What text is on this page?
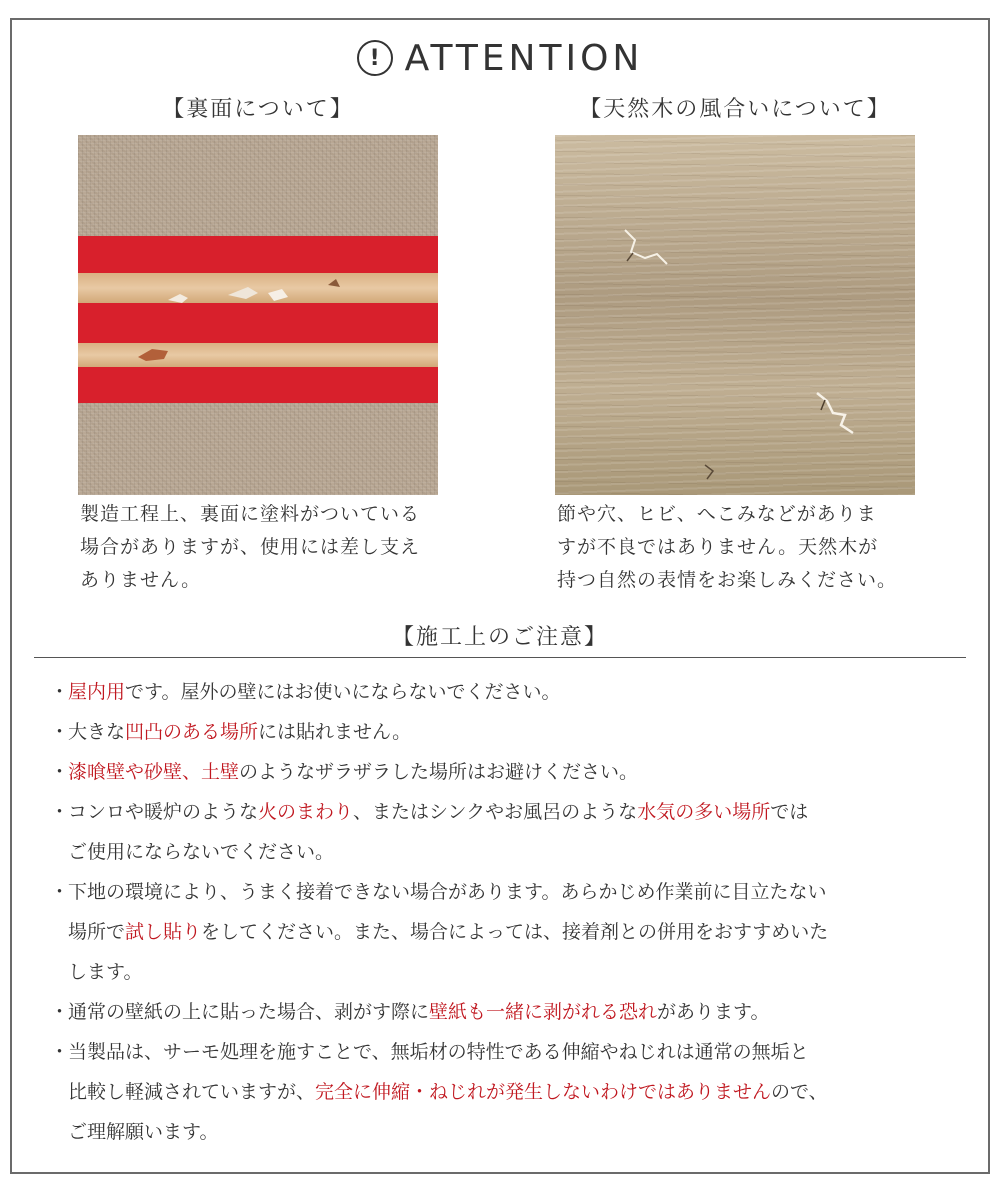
! ATTENTION
【裏面について】
製造工程上、裏面に塗料がついている
場合がありますが、使用には差し支え
ありません。
【天然木の風合いについて】
節や穴、ヒビ、へこみなどがありま
すが不良ではありません。天然木が
持つ自然の表情をお楽しみください。
【施工上のご注意】
・
屋内用です。屋外の壁にはお使いにならないでください。
・
大きな凹凸のある場所には貼れません。
・
漆喰壁や砂壁、土壁のようなザラザラした場所はお避けください。
・
コンロや暖炉のような火のまわり、またはシンクやお風呂のような水気の多い場所では
ご使用にならないでください。
・
下地の環境により、うまく接着できない場合があります。あらかじめ作業前に目立たない
場所で試し貼りをしてください。また、場合によっては、接着剤との併用をおすすめいた
します。
・
通常の壁紙の上に貼った場合、剥がす際に壁紙も一緒に剥がれる恐れがあります。
・
当製品は、サーモ処理を施すことで、無垢材の特性である伸縮やねじれは通常の無垢と
比較し軽減されていますが、完全に伸縮・ねじれが発生しないわけではありませんので、
ご理解願います。
